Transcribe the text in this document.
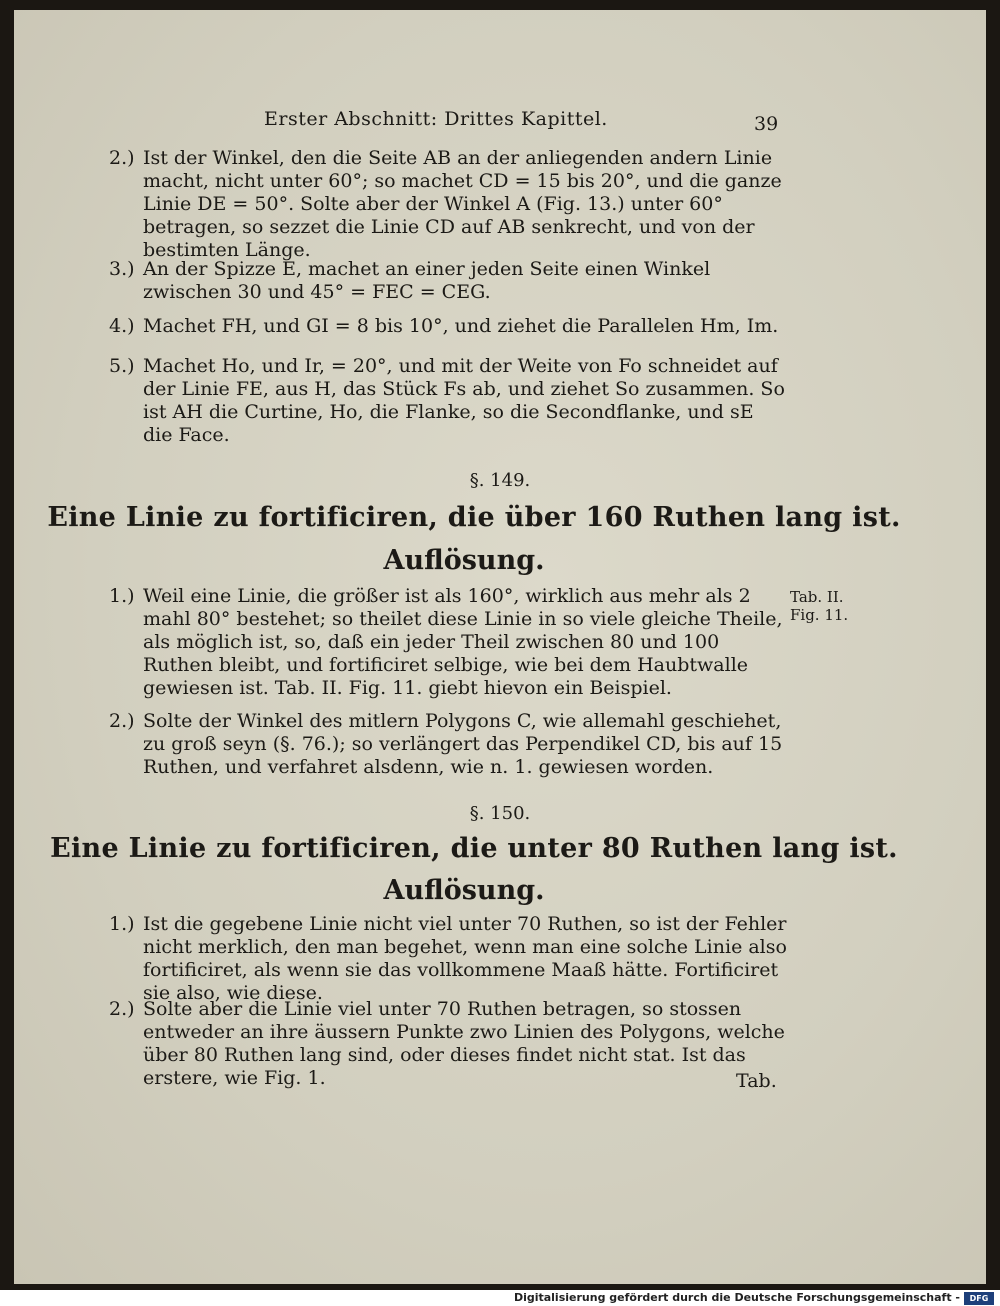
Erster Abschnitt: Drittes Kapittel.	39
2.) Ist der Winkel, den die Seite AB an der anliegenden andern Linie macht, nicht unter 60°; so machet CD = 15 bis 20°, und die ganze Linie DE = 50°. Solte aber der Winkel A (Fig. 13.) unter 60° betragen, so sezzet die Linie CD auf AB senkrecht, und von der bestimten Länge.
3.) An der Spizze E, machet an einer jeden Seite einen Winkel zwischen 30 und 45° = FEC = CEG.
4.) Machet FH, und GI = 8 bis 10°, und ziehet die Parallelen Hm, Im.
5.) Machet Ho, und Ir, = 20°, und mit der Weite von Fo schneidet auf der Linie FE, aus H, das Stück Fs ab, und ziehet So zusammen. So ist AH die Curtine, Ho, die Flanke, so die Secondflanke, und sE die Face.
§. 149.
Eine Linie zu fortificiren, die über 160 Ruthen lang ist.
Auflösung.
1.) Weil eine Linie, die größer ist als 160°, wirklich aus mehr als 2 mahl 80° bestehet; so theilet diese Linie in so viele gleiche Theile, als möglich ist, so, daß ein jeder Theil zwischen 80 und 100 Ruthen bleibt, und fortificiret selbige, wie bei dem Haubtwalle gewiesen ist. Tab. II. Fig. 11. giebt hievon ein Beispiel.
Tab. II.
Fig. 11.
2.) Solte der Winkel des mitlern Polygons C, wie allemahl geschiehet, zu groß seyn (§. 76.); so verlängert das Perpendikel CD, bis auf 15 Ruthen, und verfahret alsdenn, wie n. 1. gewiesen worden.
§. 150.
Eine Linie zu fortificiren, die unter 80 Ruthen lang ist.
Auflösung.
1.) Ist die gegebene Linie nicht viel unter 70 Ruthen, so ist der Fehler nicht merklich, den man begehet, wenn man eine solche Linie also fortificiret, als wenn sie das vollkommene Maaß hätte. Fortificiret sie also, wie diese.
2.) Solte aber die Linie viel unter 70 Ruthen betragen, so stossen entweder an ihre äussern Punkte zwo Linien des Polygons, welche über 80 Ruthen lang sind, oder dieses findet nicht stat. Ist das erstere, wie Fig. 1.	Tab.
Digitalisierung gefördert durch die Deutsche Forschungsgemeinschaft -	DFG
